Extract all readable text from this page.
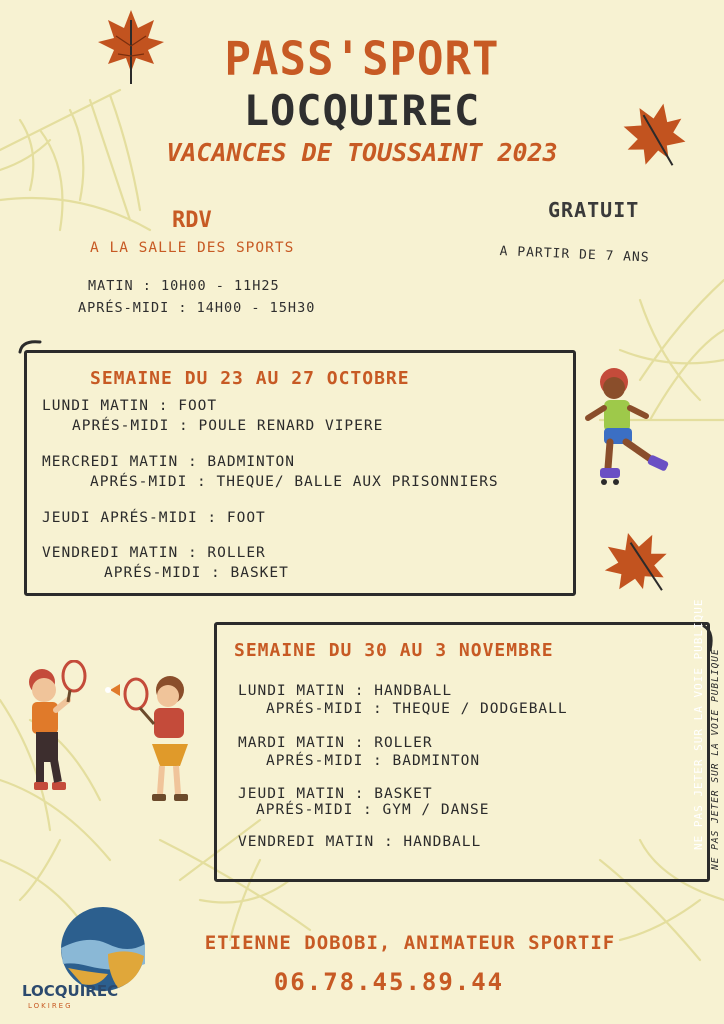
PASS'SPORT
LOCQUIREC
VACANCES DE TOUSSAINT 2023
RDV
A LA SALLE DES SPORTS
MATIN : 10H00 - 11H25
APRÉS-MIDI : 14H00 - 15H30
GRATUIT
A PARTIR DE 7 ANS
SEMAINE DU 23 AU 27 OCTOBRE
LUNDI MATIN : FOOT
APRÉS-MIDI : POULE RENARD VIPERE
MERCREDI MATIN : BADMINTON
APRÉS-MIDI : THEQUE/ BALLE AUX PRISONNIERS
JEUDI APRÉS-MIDI : FOOT
VENDREDI MATIN : ROLLER
APRÉS-MIDI : BASKET
SEMAINE DU 30 AU 3 NOVEMBRE
LUNDI MATIN : HANDBALL
APRÉS-MIDI : THEQUE / DODGEBALL
MARDI MATIN : ROLLER
APRÉS-MIDI : BADMINTON
JEUDI MATIN : BASKET
APRÉS-MIDI : GYM / DANSE
VENDREDI MATIN : HANDBALL	NE PAS JETER SUR LA VOIE PUBLIQUE NE PAS JETER SUR LA VOIE PUBLIQUE
LOCQUIREC
LOKIREG
ETIENNE DOBOBI, ANIMATEUR SPORTIF
06.78.45.89.44
